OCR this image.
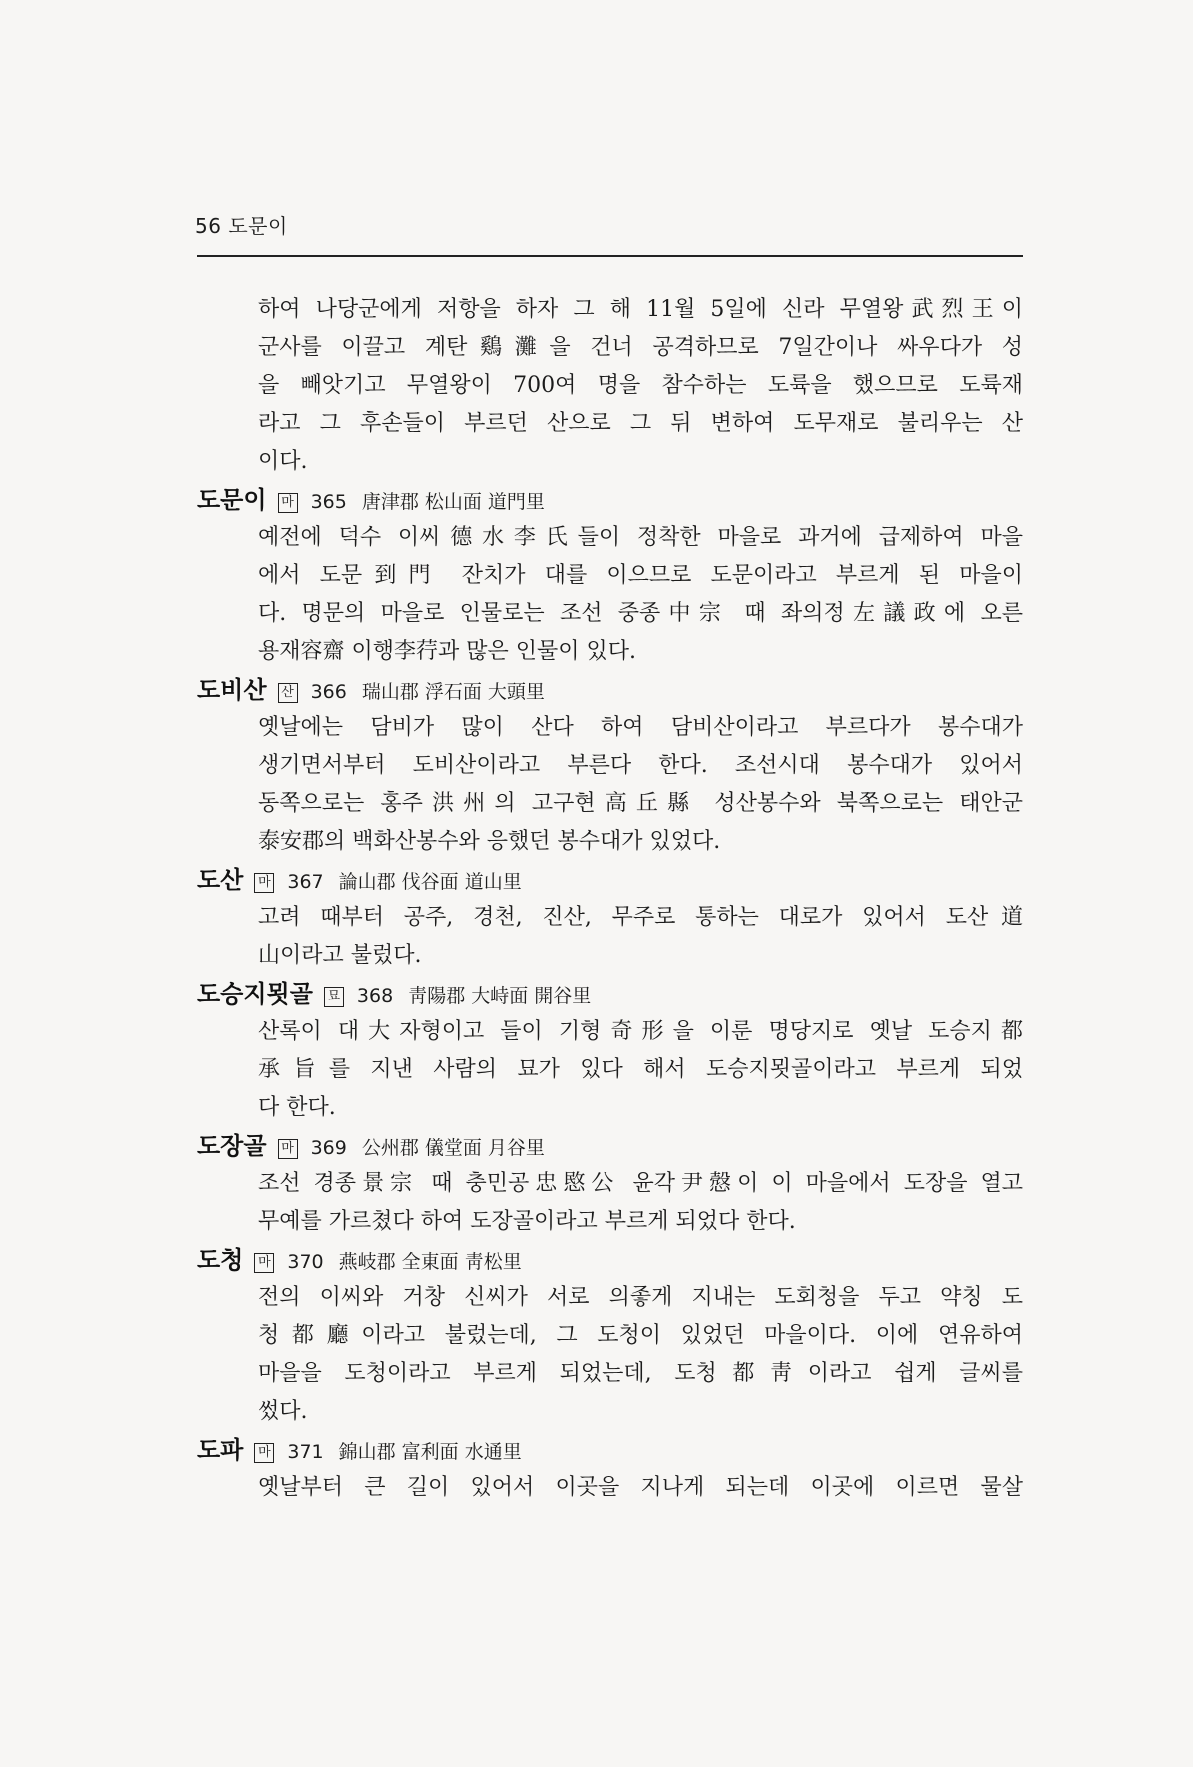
56 도문이
하여 나당군에게 저항을 하자 그 해 11월 5일에 신라 무열왕武烈王이
군사를 이끌고 계탄鷄灘을 건너 공격하므로 7일간이나 싸우다가 성
을 빼앗기고 무열왕이 700여 명을 참수하는 도륙을 했으므로 도륙재
라고 그 후손들이 부르던 산으로 그 뒤 변하여 도무재로 불리우는 산
이다.
도문이 마 365 唐津郡 松山面 道門里
예전에 덕수 이씨德水李氏들이 정착한 마을로 과거에 급제하여 마을
에서 도문到門 잔치가 대를 이으므로 도문이라고 부르게 된 마을이
다. 명문의 마을로 인물로는 조선 중종中宗 때 좌의정左議政에 오른
용재容齋 이행李荇과 많은 인물이 있다.
도비산 산 366 瑞山郡 浮石面 大頭里
옛날에는 담비가 많이 산다 하여 담비산이라고 부르다가 봉수대가
생기면서부터 도비산이라고 부른다 한다. 조선시대 봉수대가 있어서
동쪽으로는 홍주洪州의 고구현高丘縣 성산봉수와 북쪽으로는 태안군
泰安郡의 백화산봉수와 응했던 봉수대가 있었다.
도산 마 367 論山郡 伐谷面 道山里
고려 때부터 공주, 경천, 진산, 무주로 통하는 대로가 있어서 도산道
山이라고 불렀다.
도승지묏골 묘 368 靑陽郡 大峙面 開谷里
산록이 대大자형이고 들이 기형奇形을 이룬 명당지로 옛날 도승지都
承旨를 지낸 사람의 묘가 있다 해서 도승지묏골이라고 부르게 되었
다 한다.
도장골 마 369 公州郡 儀堂面 月谷里
조선 경종景宗 때 충민공忠愍公 윤각尹慤이 이 마을에서 도장을 열고
무예를 가르쳤다 하여 도장골이라고 부르게 되었다 한다.
도청 마 370 燕岐郡 全東面 靑松里
전의 이씨와 거창 신씨가 서로 의좋게 지내는 도회청을 두고 약칭 도
청都廳이라고 불렀는데, 그 도청이 있었던 마을이다. 이에 연유하여
마을을 도청이라고 부르게 되었는데, 도청都靑이라고 쉽게 글씨를
썼다.
도파 마 371 錦山郡 富利面 水通里
옛날부터 큰 길이 있어서 이곳을 지나게 되는데 이곳에 이르면 물살
